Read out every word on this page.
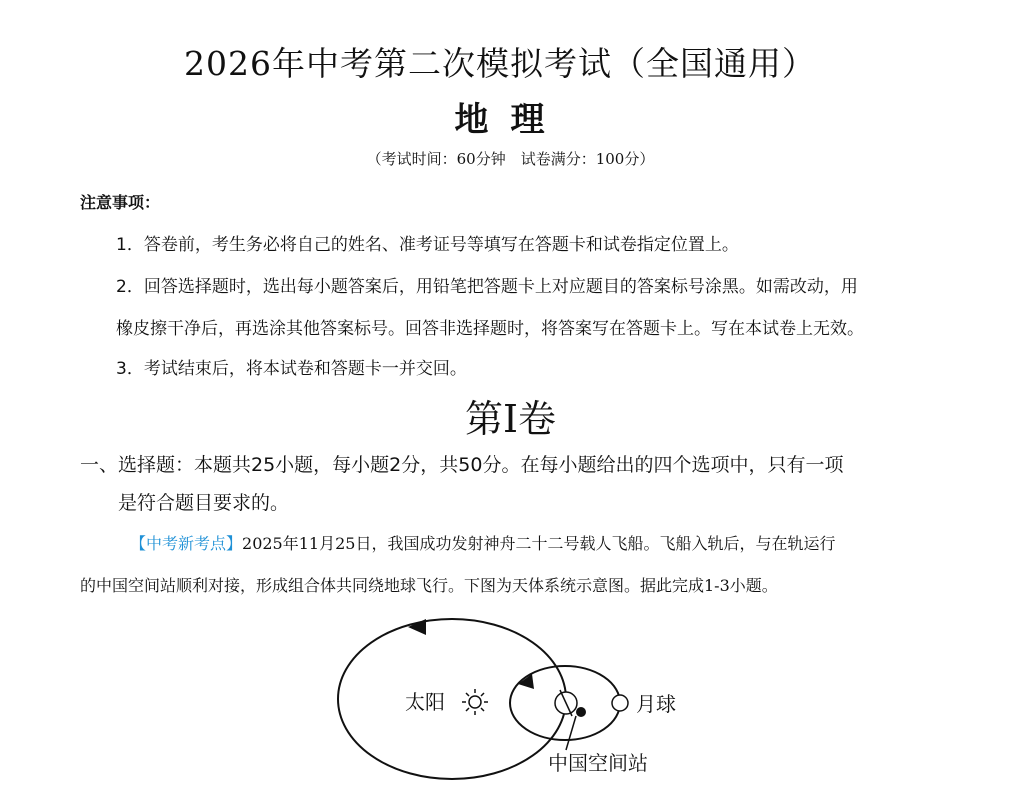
2026年中考第二次模拟考试（全国通用）
地理
（考试时间：60分钟　试卷满分：100分）
注意事项：
1．答卷前，考生务必将自己的姓名、准考证号等填写在答题卡和试卷指定位置上。
2．回答选择题时，选出每小题答案后，用铅笔把答题卡上对应题目的答案标号涂黑。如需改动，用
橡皮擦干净后，再选涂其他答案标号。回答非选择题时，将答案写在答题卡上。写在本试卷上无效。
3．考试结束后，将本试卷和答题卡一并交回。
第Ⅰ卷
一、选择题：本题共25小题，每小题2分，共50分。在每小题给出的四个选项中，只有一项
是符合题目要求的。
【中考新考点】2025年11月25日，我国成功发射神舟二十二号载人飞船。飞船入轨后，与在轨运行
的中国空间站顺利对接，形成组合体共同绕地球飞行。下图为天体系统示意图。据此完成1-3小题。
太阳	月球
中国空间站
